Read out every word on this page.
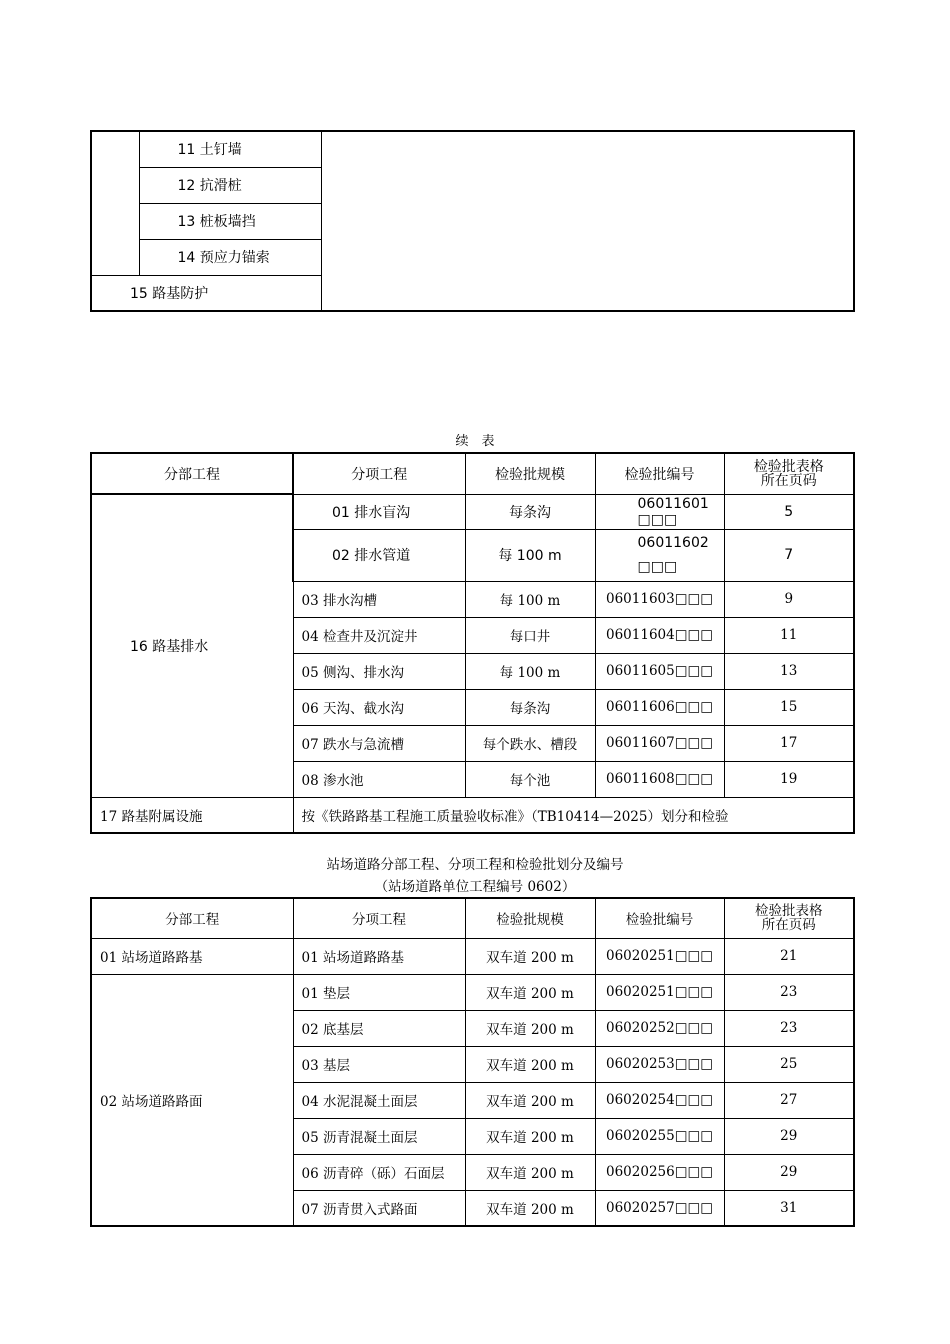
	11 土钉墙	
12 抗滑桩
13 桩板墙挡
14 预应力锚索
15 路基防护
续　表
分部工程	分项工程	检验批规模	检验批编号	检验批表格
所在页码
16 路基排水	01 排水盲沟	每条沟	06011601
□□□	5
	02 排水管道	每 100 m	06011602
□□□	7
	03 排水沟槽	每 100 m	06011603□□□	9
	04 检查井及沉淀井	每口井	06011604□□□	11
	05 侧沟、排水沟	每 100 m	06011605□□□	13
	06 天沟、截水沟	每条沟	06011606□□□	15
	07 跌水与急流槽	每个跌水、槽段	06011607□□□	17
	08 渗水池	每个池	06011608□□□	19
17 路基附属设施	按《铁路路基工程施工质量验收标准》（TB10414—2025）划分和检验			
站场道路分部工程、分项工程和检验批划分及编号
（站场道路单位工程编号 0602）
分部工程	分项工程	检验批规模	检验批编号	检验批表格
所在页码
01 站场道路路基	01 站场道路路基	双车道 200 m	06020251□□□	21
02 站场道路路面	01 垫层	双车道 200 m	06020251□□□	23
	02 底基层	双车道 200 m	06020252□□□	23
	03 基层	双车道 200 m	06020253□□□	25
	04 水泥混凝土面层	双车道 200 m	06020254□□□	27
	05 沥青混凝土面层	双车道 200 m	06020255□□□	29
	06 沥青碎（砾）石面层	双车道 200 m	06020256□□□	29
	07 沥青贯入式路面	双车道 200 m	06020257□□□	31
